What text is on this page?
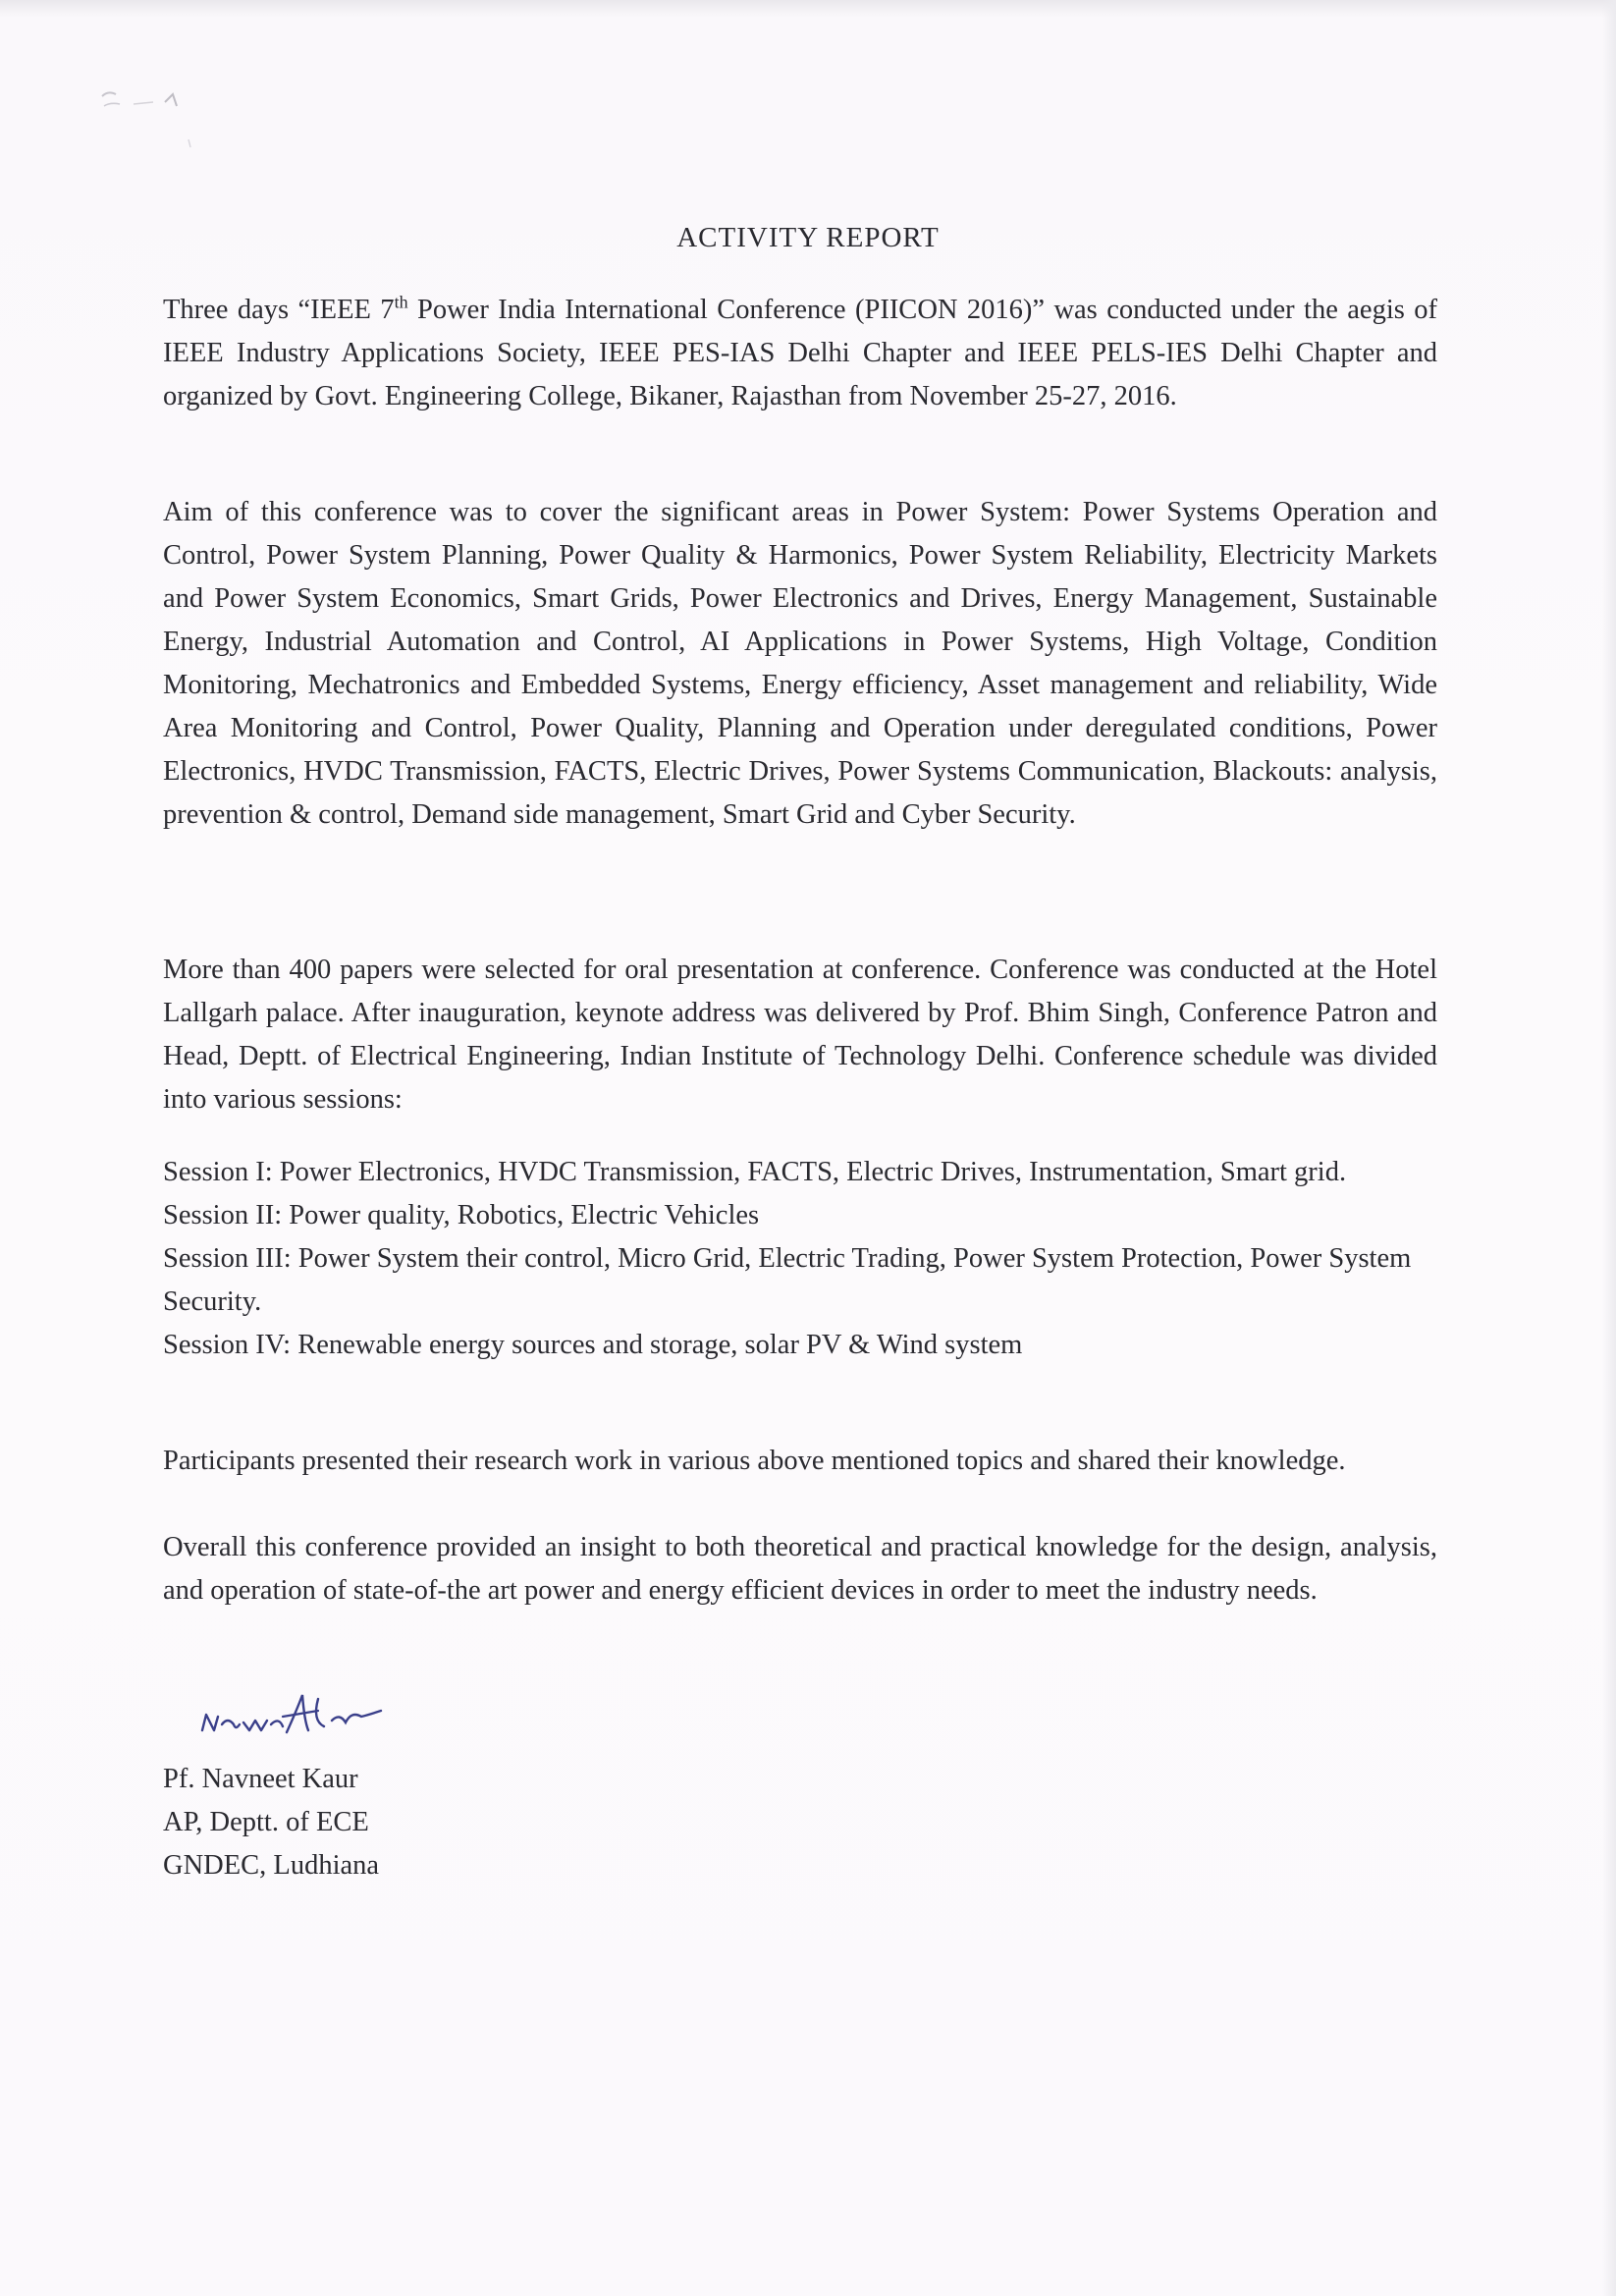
ACTIVITY REPORT

Three days “IEEE 7th Power India International Conference (PIICON 2016)” was conducted under the aegis of IEEE Industry Applications Society, IEEE PES-IAS Delhi Chapter and IEEE PELS-IES Delhi Chapter and organized by Govt. Engineering College, Bikaner, Rajasthan from November 25-27, 2016.

Aim of this conference was to cover the significant areas in Power System: Power Systems Operation and Control, Power System Planning, Power Quality & Harmonics, Power System Reliability, Electricity Markets and Power System Economics, Smart Grids, Power Electronics and Drives, Energy Management, Sustainable Energy, Industrial Automation and Control, AI Applications in Power Systems, High Voltage, Condition Monitoring, Mechatronics and Embedded Systems, Energy efficiency, Asset management and reliability, Wide Area Monitoring and Control, Power Quality, Planning and Operation under deregulated conditions, Power Electronics, HVDC Transmission, FACTS, Electric Drives, Power Systems Communication, Blackouts: analysis, prevention & control, Demand side management, Smart Grid and Cyber Security.

More than 400 papers were selected for oral presentation at conference. Conference was conducted at the Hotel Lallgarh palace. After inauguration, keynote address was delivered by Prof. Bhim Singh, Conference Patron and Head, Deptt. of Electrical Engineering, Indian Institute of Technology Delhi. Conference schedule was divided into various sessions:

Session I: Power Electronics, HVDC Transmission, FACTS, Electric Drives, Instrumentation, Smart grid.
Session II: Power quality, Robotics, Electric Vehicles
Session III: Power System their control, Micro Grid, Electric Trading, Power System Protection, Power System Security.
Session IV: Renewable energy sources and storage, solar PV & Wind system

Participants presented their research work in various above mentioned topics and shared their knowledge.

Overall this conference provided an insight to both theoretical and practical knowledge for the design, analysis, and operation of state-of-the art power and energy efficient devices in order to meet the industry needs.

Pf. Navneet Kaur
AP, Deptt. of ECE
GNDEC, Ludhiana
